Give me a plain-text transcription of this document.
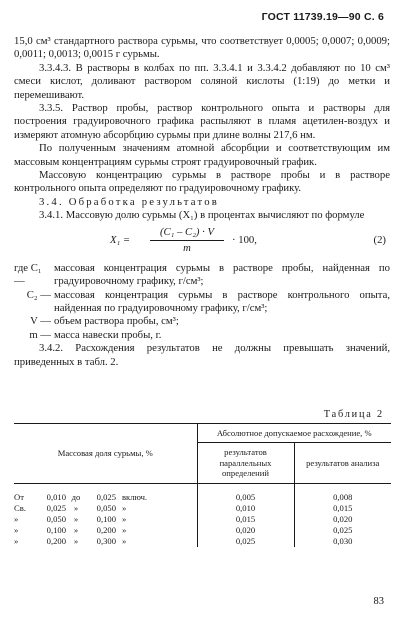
ГОСТ 11739.19—90 С. 6

15,0 см³ стандартного раствора сурьмы, что соответствует 0,0005; 0,0007; 0,0009; 0,0011; 0,0013; 0,0015 г сурьмы.

3.3.4.3. В растворы в колбах по пп. 3.3.4.1 и 3.3.4.2 добавляют по 10 см³ смеси кислот, доливают раствором соляной кислоты (1:19) до метки и перемешивают.

3.3.5. Раствор пробы, раствор контрольного опыта и растворы для построения градуировочного графика распыляют в пламя ацетилен-воздух и измеряют атомную абсорбцию сурьмы при длине волны 217,6 нм.

По полученным значениям атомной абсорбции и соответствующим им массовым концентрациям сурьмы строят градуировочный график.

Массовую концентрацию сурьмы в растворе пробы и в растворе контрольного опыта определяют по градуировочному графику.

3.4. Обработка результатов

3.4.1. Массовую долю сурьмы (X₁) в процентах вычисляют по формуле

$X_1 = \frac{\text{(C₁ – C₂) · V}}{m} \cdot 100$,	(2)
где C₁ —
массовая концентрация сурьмы в растворе пробы, найденная по градуировочному графику, г/см³;
C₂ — массовая концентрация сурьмы в растворе контрольного опыта, найденная по градуировочному графику, г/см³;
V — объем раствора пробы, см³;
m — масса навески пробы, г.

3.4.2. Расхождения результатов не должны превышать значений, приведенных в табл. 2.

Таблица 2
Массовая доля сурьмы, %	Абсолютное допускаемое расхождение, %	
	результатов параллельных определений	результатов анализа

От 0,010 до 0,025 включ.	0,005	0,008
Св. 0,025 » 0,050 »	0,010	0,015
» 0,050 » 0,100 »	0,015	0,020
» 0,100 » 0,200 »	0,020	0,025
» 0,200 » 0,300 »	0,025	0,030
83
